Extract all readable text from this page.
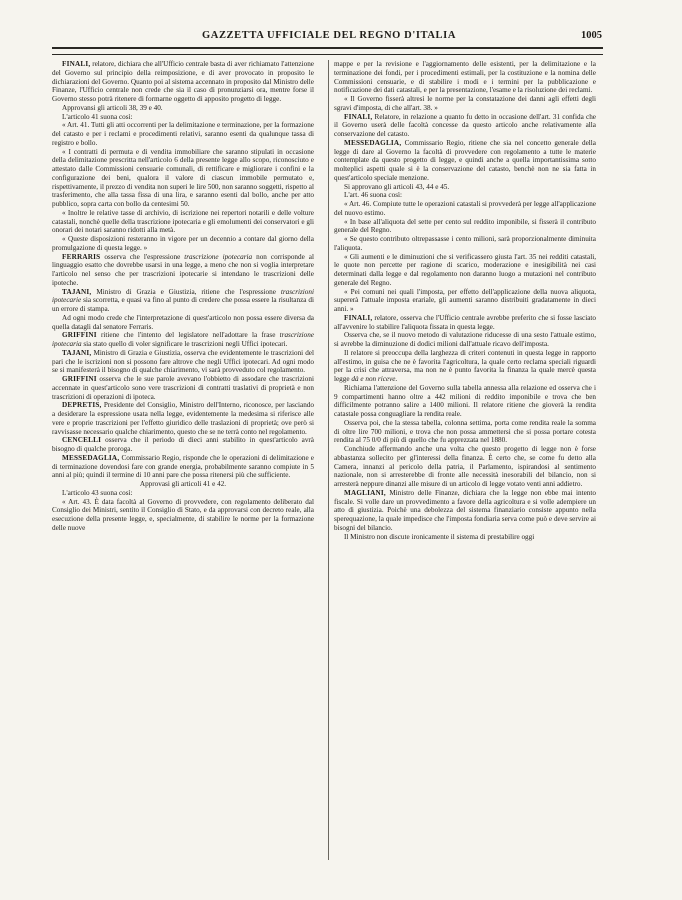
GAZZETTA UFFICIALE DEL REGNO D'ITALIA	1005

FINALI, relatore, dichiara che all'Ufficio centrale basta di aver richiamato l'attenzione del Governo sul principio della reimposizione, e di aver provocato in proposito le dichiarazioni del Governo. Quanto poi al sistema accennato in proposito dal Ministro delle Finanze, l'Ufficio centrale non crede che sia il caso di pronunziarsi ora, mentre forse il Governo stesso potrà ritenere di formarne oggetto di apposito progetto di legge.

Approvansi gli articoli 38, 39 e 40.

L'articolo 41 suona così:

« Art. 41. Tutti gli atti occorrenti per la delimitazione e terminazione, per la formazione del catasto e per i reclami e procedimenti relativi, saranno esenti da qualunque tassa di registro e bollo.

« I contratti di permuta e di vendita immobiliare che saranno stipulati in occasione della delimitazione prescritta nell'articolo 6 della presente legge allo scopo, riconosciuto e attestato dalle Commissioni censuarie comunali, di rettificare e migliorare i confini e la configurazione dei beni, qualora il valore di ciascun immobile permutato e, rispettivamente, il prezzo di vendita non superi le lire 500, non saranno soggetti, rispetto al trasferimento, che alla tassa fissa di una lira, e saranno esenti dal bollo, anche per atto pubblico, sopra carta con bollo da centesimi 50.

« Inoltre le relative tasse di archivio, di iscrizione nei repertori notarili e delle volture catastali, nonchè quelle della trascrizione ipotecaria e gli emolumenti dei conservatori e gli onorari dei notari saranno ridotti alla metà.

« Queste disposizioni resteranno in vigore per un decennio a contare dal giorno della promulgazione di questa legge. »

FERRARIS osserva che l'espressione trascrizione ipotecaria non corrisponde al linguaggio esatto che dovrebbe usarsi in una legge, a meno che non si voglia interpretare l'articolo nel senso che per trascrizioni ipotecarie si intendano le trascrizioni delle ipoteche.

TAJANI, Ministro di Grazia e Giustizia, ritiene che l'espressione trascrizioni ipotecarie sia scorretta, e quasi va fino al punto di credere che possa essere la risultanza di un errore di stampa.

Ad ogni modo crede che l'interpretazione di quest'articolo non possa essere diversa da quella datagli dal senatore Ferraris.

GRIFFINI ritiene che l'intento del legislatore nell'adottare la frase trascrizione ipotecaria sia stato quello di voler significare le trascrizioni negli Uffici ipotecari.

TAJANI, Ministro di Grazia e Giustizia, osserva che evidentemente le trascrizioni del pari che le iscrizioni non si possono fare altrove che negli Uffici ipotecari. Ad ogni modo se si manifesterà il bisogno di qualche chiarimento, vi sarà provveduto col regolamento.

GRIFFINI osserva che le sue parole avevano l'obbietto di assodare che trascrizioni accennate in quest'articolo sono vere trascrizioni di contratti traslativi di proprietà e non trascrizioni di operazioni di ipoteca.

DEPRETIS, Presidente del Consiglio, Ministro dell'Interno, riconosce, per lasciando a desiderare la espressione usata nella legge, evidentemente la medesima si riferisce alle vere e proprie trascrizioni per l'effetto giuridico delle traslazioni di proprietà; ove però si ravvisasse necessario qualche chiarimento, questo che se ne terrà conto nel regolamento.

CENCELLI osserva che il periodo di dieci anni stabilito in quest'articolo avrà bisogno di qualche proroga.

MESSEDAGLIA, Commissario Regio, risponde che le operazioni di delimitazione e di terminazione dovendosi fare con grande energia, probabilmente saranno compiute in 5 anni al più; quindi il termine di 10 anni pare che possa ritenersi più che sufficiente.

Approvasi gli articoli 41 e 42.

L'articolo 43 suona così:

« Art. 43. È data facoltà al Governo di provvedere, con regolamento deliberato dal Consiglio dei Ministri, sentito il Consiglio di Stato, e da approvarsi con decreto reale, alla esecuzione della presente legge, e, specialmente, di stabilire le norme per la formazione delle nuove

mappe e per la revisione e l'aggiornamento delle esistenti, per la delimitazione e la terminazione dei fondi, per i procedimenti estimali, per la costituzione e la nomina delle Commissioni censuarie, e di stabilire i modi e i termini per la pubblicazione e notificazione dei dati catastali, e per la presentazione, l'esame e la risoluzione dei reclami.

« Il Governo fisserà altresì le norme per la constatazione dei danni agli effetti degli sgravi d'imposta, di che all'art. 38. »

FINALI, Relatore, in relazione a quanto fu detto in occasione dell'art. 31 confida che il Governo userà delle facoltà concesse da questo articolo anche relativamente alla conservazione del catasto.

MESSEDAGLIA, Commissario Regio, ritiene che sia nel concetto generale della legge di dare al Governo la facoltà di provvedere con regolamento a tutte le materie contemplate da questo progetto di legge, e quindi anche a quella importantissima sotto molteplici aspetti quale si è la conservazione del catasto, benchè non ne sia fatta in quest'articolo speciale menzione.

Si approvano gli articoli 43, 44 e 45.

L'art. 46 suona così:

« Art. 46. Compiute tutte le operazioni catastali si provvederà per legge all'applicazione del nuovo estimo.

« In base all'aliquota del sette per cento sul reddito imponibile, si fisserà il contributo generale del Regno.

« Se questo contributo oltrepassasse i cento milioni, sarà proporzionalmente diminuita l'aliquota.

« Gli aumenti e le diminuzioni che si verificassero giusta l'art. 35 nei redditi catastali, le quote non percette per ragione di scarico, moderazione e inesigibilità nei casi determinati dalla legge e dal regolamento non daranno luogo a mutazioni nel contributo generale del Regno.

« Pei comuni nei quali l'imposta, per effetto dell'applicazione della nuova aliquota, supererà l'attuale imposta erariale, gli aumenti saranno distribuiti gradatamente in dieci anni. »

FINALI, relatore, osserva che l'Ufficio centrale avrebbe preferito che si fosse lasciato all'avvenire lo stabilire l'aliquota fissata in questa legge.

Osserva che, se il nuovo metodo di valutazione riducesse di una sesto l'attuale estimo, si avrebbe la diminuzione di dodici milioni dall'attuale ricavo dell'imposta.

Il relatore si preoccupa della larghezza di criteri contenuti in questa legge in rapporto all'estimo, in guisa che ne è favorita l'agricoltura, la quale certo reclama speciali riguardi per la crisi che attraversa, ma non ne è punto favorita la finanza la quale mercè questa legge dà e non riceve.

Richiama l'attenzione del Governo sulla tabella annessa alla relazione ed osserva che i 9 compartimenti hanno oltre a 442 milioni di reddito imponibile e trova che ben difficilmente potranno salire a 1400 milioni. Il relatore ritiene che gioverà la rendita catastale possa conguagliare la rendita reale.

Osserva poi, che la stessa tabella, colonna settima, porta come rendita reale la somma di oltre lire 700 milioni, e trova che non possa ammettersi che si possa portare cotesta rendita al 75 0/0 di più di quello che fu apprezzata nel 1880.

Conchiude affermando anche una volta che questo progetto di legge non è forse abbastanza sollecito per gl'interessi della finanza. È certo che, se come fu detto alla Camera, innanzi al pericolo della patria, il Parlamento, ispirandosi al sentimento nazionale, non si arresterebbe di fronte alle necessità inesorabili del bilancio, non si arresterà neppure dinanzi alle misure di un articolo di legge votato venti anni addietro.

MAGLIANI, Ministro delle Finanze, dichiara che la legge non ebbe mai intento fiscale. Si volle dare un provvedimento a favore della agricoltura e si volle adempiere un atto di giustizia. Poichè una debolezza del sistema finanziario consiste appunto nella sperequazione, la quale impedisce che l'imposta fondiaria serva come può e deve servire ai bisogni del bilancio.

Il Ministro non discute ironicamente il sistema di prestabilire oggi
